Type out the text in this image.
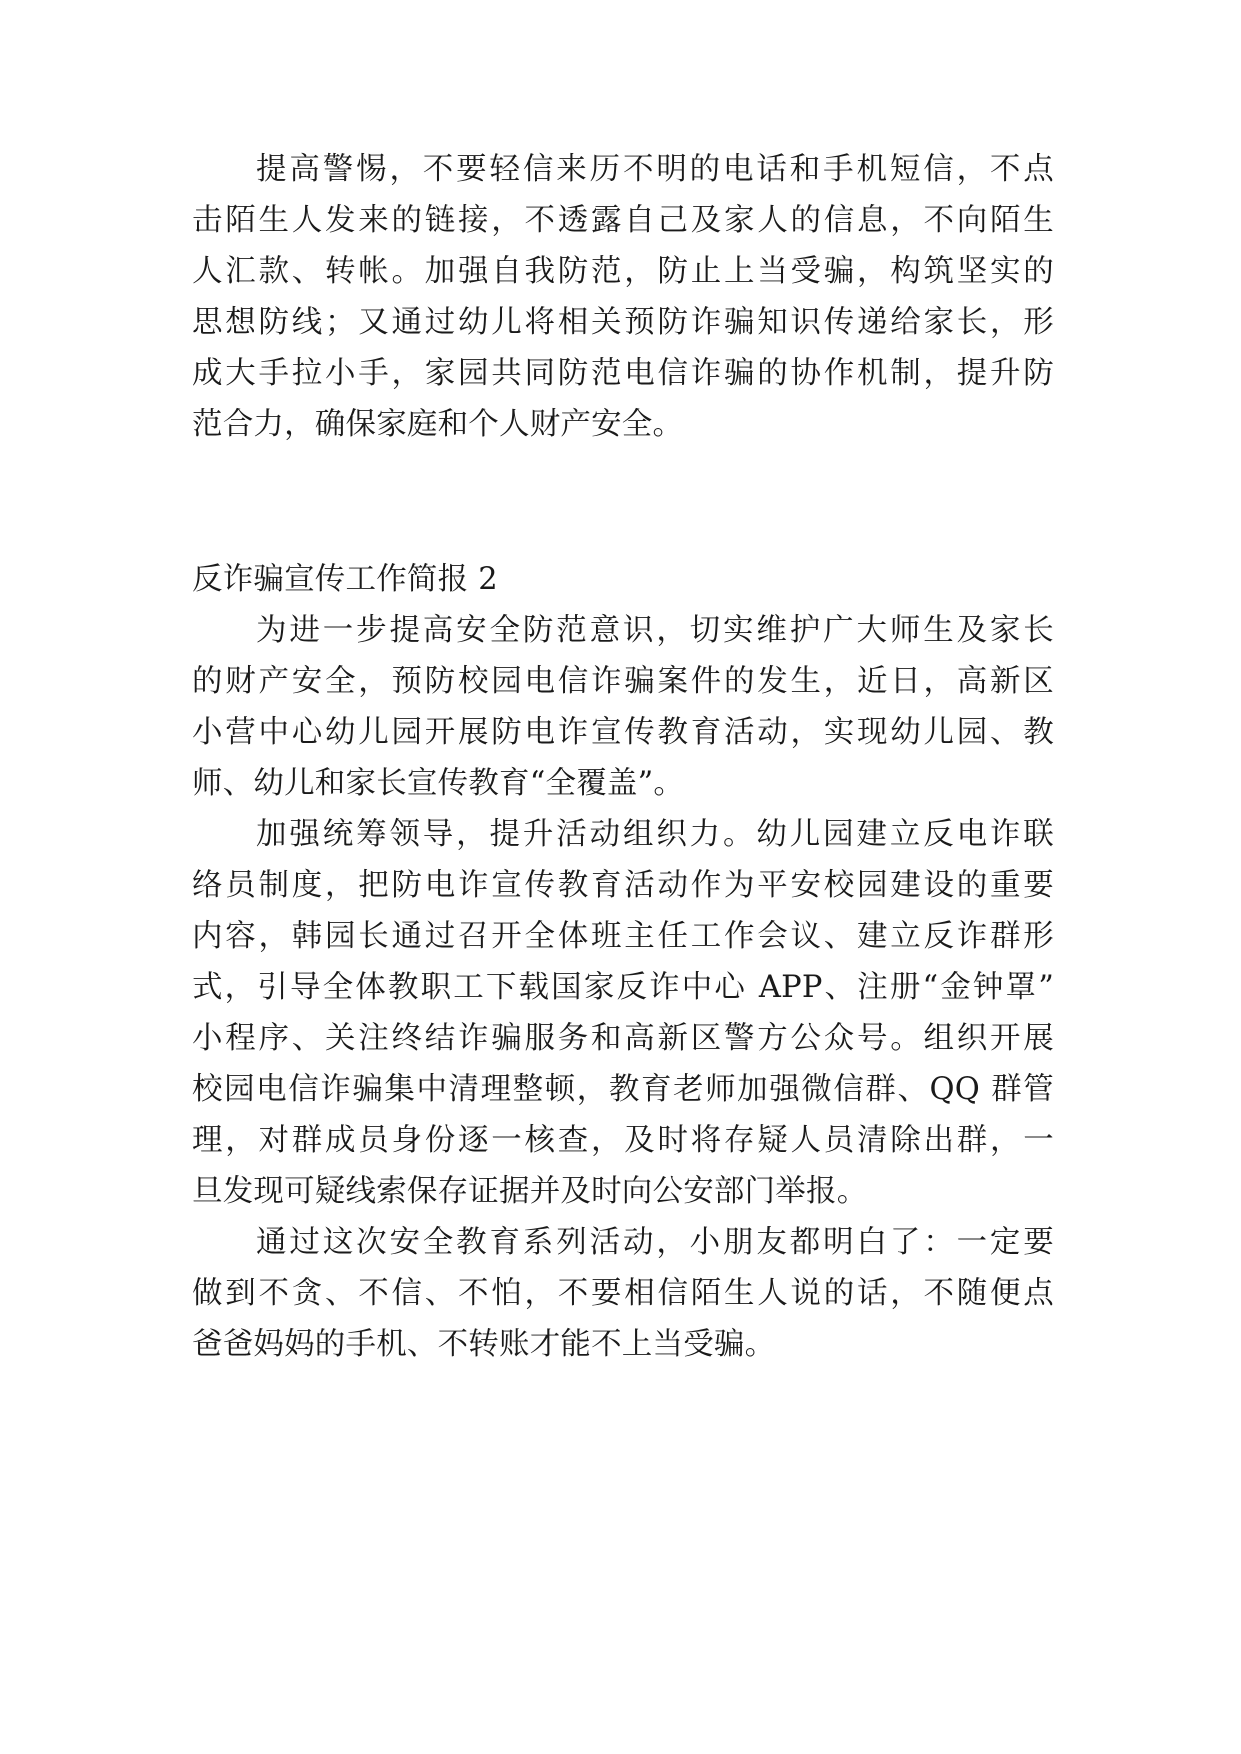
提高警惕，不要轻信来历不明的电话和手机短信，不点
击陌生人发来的链接，不透露自己及家人的信息，不向陌生
人汇款、转帐。加强自我防范，防止上当受骗，构筑坚实的
思想防线；又通过幼儿将相关预防诈骗知识传递给家长，形
成大手拉小手，家园共同防范电信诈骗的协作机制，提升防
范合力，确保家庭和个人财产安全。
反诈骗宣传工作简报 2
为进一步提高安全防范意识，切实维护广大师生及家长
的财产安全，预防校园电信诈骗案件的发生，近日，高新区
小营中心幼儿园开展防电诈宣传教育活动，实现幼儿园、教
师、幼儿和家长宣传教育“全覆盖”。
加强统筹领导，提升活动组织力。幼儿园建立反电诈联
络员制度，把防电诈宣传教育活动作为平安校园建设的重要
内容，韩园长通过召开全体班主任工作会议、建立反诈群形
式，引导全体教职工下载国家反诈中心 APP、注册“金钟罩”
小程序、关注终结诈骗服务和高新区警方公众号。组织开展
校园电信诈骗集中清理整顿，教育老师加强微信群、QQ 群管
理，对群成员身份逐一核查，及时将存疑人员清除出群，一
旦发现可疑线索保存证据并及时向公安部门举报。
通过这次安全教育系列活动，小朋友都明白了：一定要
做到不贪、不信、不怕，不要相信陌生人说的话，不随便点
爸爸妈妈的手机、不转账才能不上当受骗。
